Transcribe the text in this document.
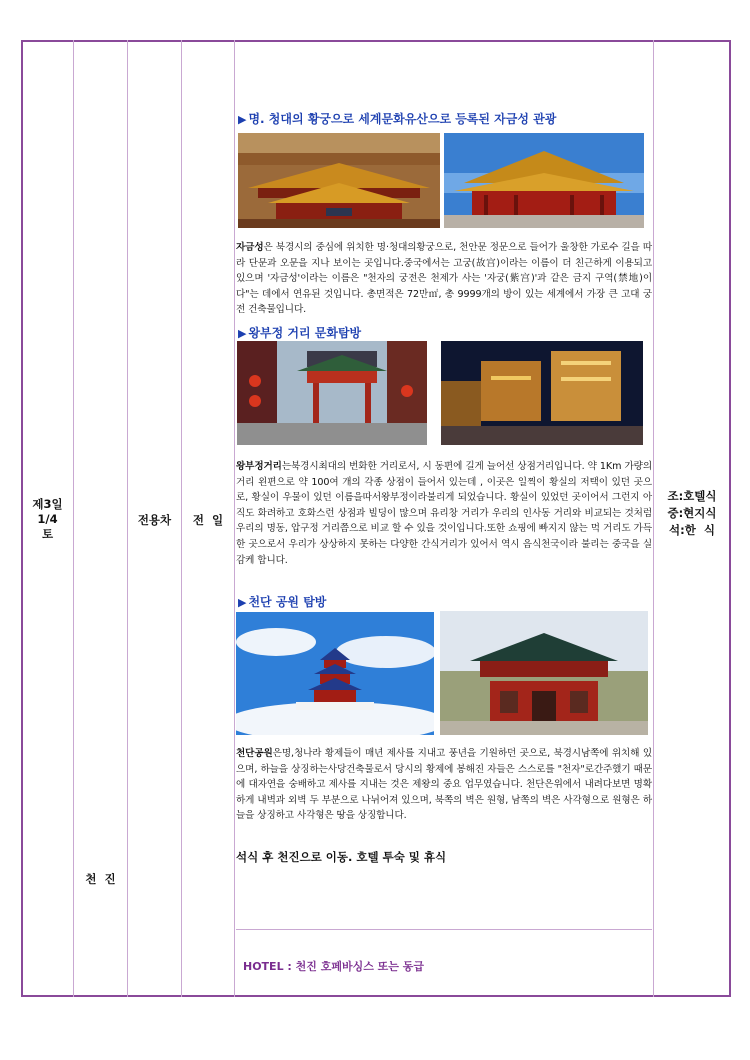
제3일
1/4
토
천  진
전용차	전  일
조:호텔식
중:현지식
석:한  식
▶ 명. 청대의 황궁으로 세계문화유산으로 등록된 자금성 관광
자금성은 북경시의 중심에 위치한 명·청대의황궁으로, 천안문 정문으로 들어가 울창한 가로수 길을 따라 단문과 오문을 지나 보이는 곳입니다.중국에서는 고궁(故宫)이라는 이름이 더 친근하게 이용되고 있으며 '자금성'이라는 이름은 "천자의 궁전은 천제가 사는 '자궁(紫宫)'과 같은 금지 구역(禁地)이다"는 데에서 연유된 것입니다. 총면적은 72만㎡, 총 9999개의 방이 있는 세계에서 가장 큰 고대 궁전 건축물입니다.
▶ 왕부정 거리 문화탐방
왕부정거리는북경시최대의 번화한 거리로서, 시 동편에 길게 늘어선 상점거리입니다. 약 1Km 가량의 거리 왼편으로 약 100여 개의 각종 상점이 들어서 있는데 , 이곳은 일찍이 황실의 저택이 있던 곳으로, 황실이 우물이 있던 이름을따서왕부정이라불리게 되었습니다. 황실이 있었던 곳이어서 그런지 아직도 화려하고 호화스런 상점과 빌딩이 많으며 유리창 거리가 우리의 인사동 거리와 비교되는 것처럼 우리의 명동, 압구정 거리쯤으로 비교 할 수 있을 것이입니다.또한 쇼핑에 빠지지 않는 먹 거리도 가득한 곳으로서 우리가 상상하지 못하는 다양한 간식거리가 있어서 역시 음식천국이라 불리는 중국을 실감케 합니다.
▶ 천단 공원 탐방
천단공원은명,청나라 황제들이 매년 제사를 지내고 풍년을 기원하던 곳으로, 북경시남쪽에 위치해 있으며, 하늘을 상징하는사당건축물로서 당시의 황제에 봉해진 자들은 스스로를 "천자"로간주했기 때문에 대자연을 숭배하고 제사를 지내는 것은 제왕의 중요 업무였습니다. 천단은위에서 내려다보면 명확하게 내벽과 외벽 두 부분으로 나뉘어져 있으며, 북쪽의 벽은 원형, 남쪽의 벽은 사각형으로 원형은 하늘을 상징하고 사각형은 땅을 상징합니다.
석식 후 천진으로 이동. 호텔 투숙 및 휴식
HOTEL : 천진 호페바싱스 또는 동급
